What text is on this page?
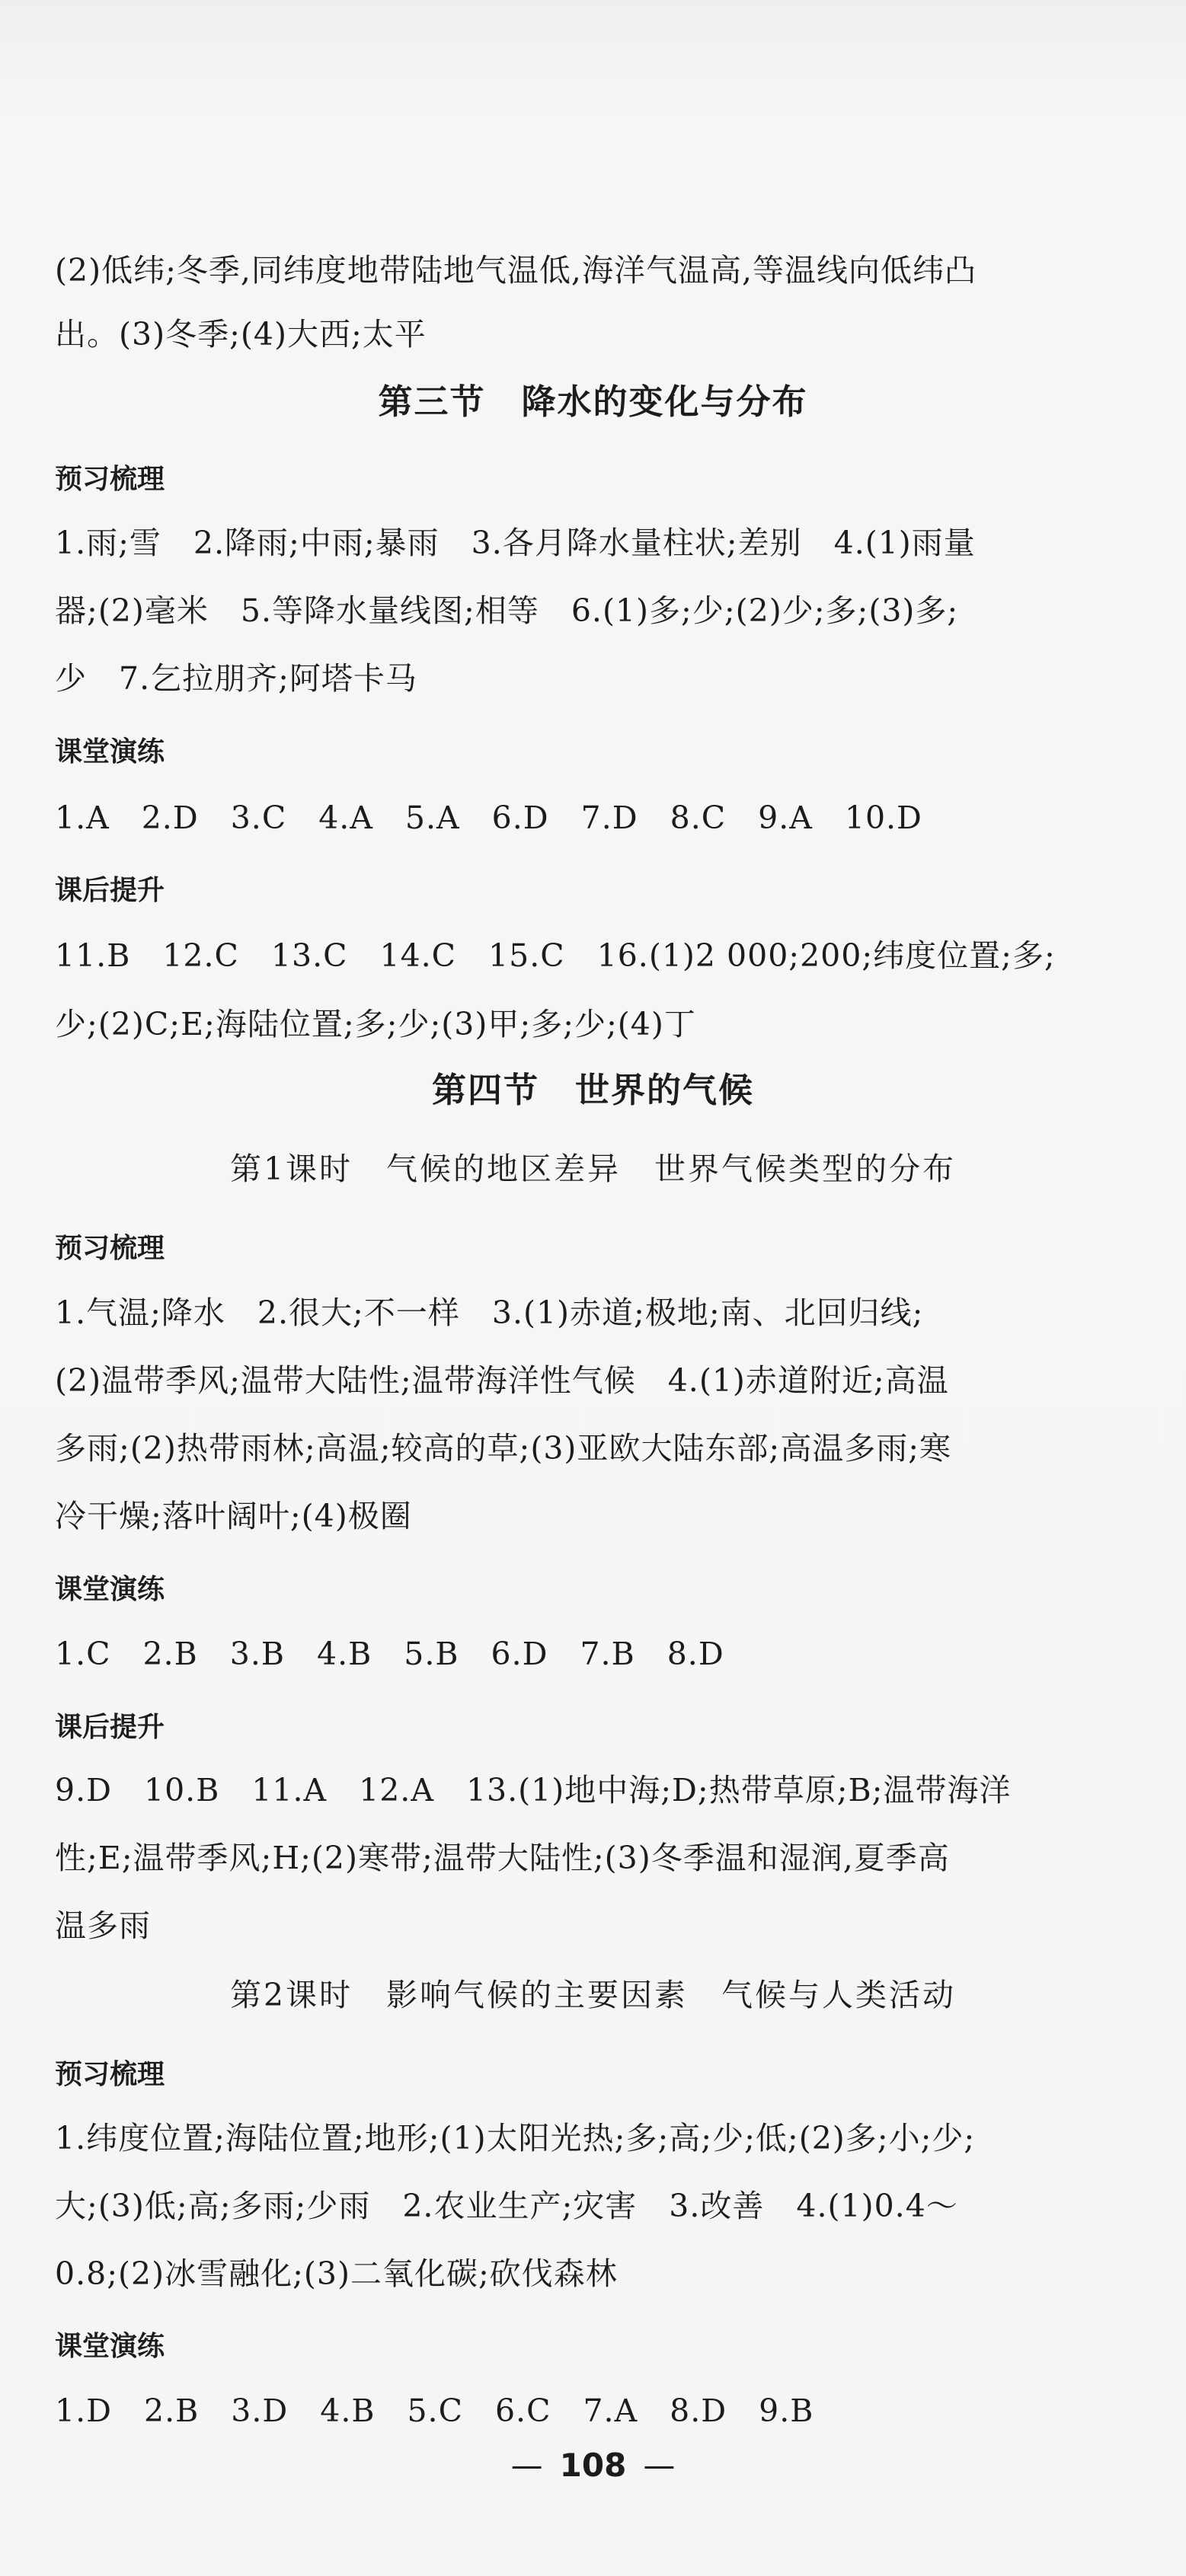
(2)低纬;冬季,同纬度地带陆地气温低,海洋气温高,等温线向低纬凸
出。(3)冬季;(4)大西;太平
第三节　降水的变化与分布
预习梳理
1.雨;雪　2.降雨;中雨;暴雨　3.各月降水量柱状;差别　4.(1)雨量
器;(2)毫米　5.等降水量线图;相等　6.(1)多;少;(2)少;多;(3)多;
少　7.乞拉朋齐;阿塔卡马
课堂演练
1.A　2.D　3.C　4.A　5.A　6.D　7.D　8.C　9.A　10.D
课后提升
11.B　12.C　13.C　14.C　15.C　16.(1)2 000;200;纬度位置;多;
少;(2)C;E;海陆位置;多;少;(3)甲;多;少;(4)丁
第四节　世界的气候
第1课时　气候的地区差异　世界气候类型的分布
预习梳理
1.气温;降水　2.很大;不一样　3.(1)赤道;极地;南、北回归线;
(2)温带季风;温带大陆性;温带海洋性气候　4.(1)赤道附近;高温
多雨;(2)热带雨林;高温;较高的草;(3)亚欧大陆东部;高温多雨;寒
冷干燥;落叶阔叶;(4)极圈
课堂演练
1.C　2.B　3.B　4.B　5.B　6.D　7.B　8.D
课后提升
9.D　10.B　11.A　12.A　13.(1)地中海;D;热带草原;B;温带海洋
性;E;温带季风;H;(2)寒带;温带大陆性;(3)冬季温和湿润,夏季高
温多雨
第2课时　影响气候的主要因素　气候与人类活动
预习梳理
1.纬度位置;海陆位置;地形;(1)太阳光热;多;高;少;低;(2)多;小;少;
大;(3)低;高;多雨;少雨　2.农业生产;灾害　3.改善　4.(1)0.4～
0.8;(2)冰雪融化;(3)二氧化碳;砍伐森林
课堂演练
1.D　2.B　3.D　4.B　5.C　6.C　7.A　8.D　9.B
— 108 —
